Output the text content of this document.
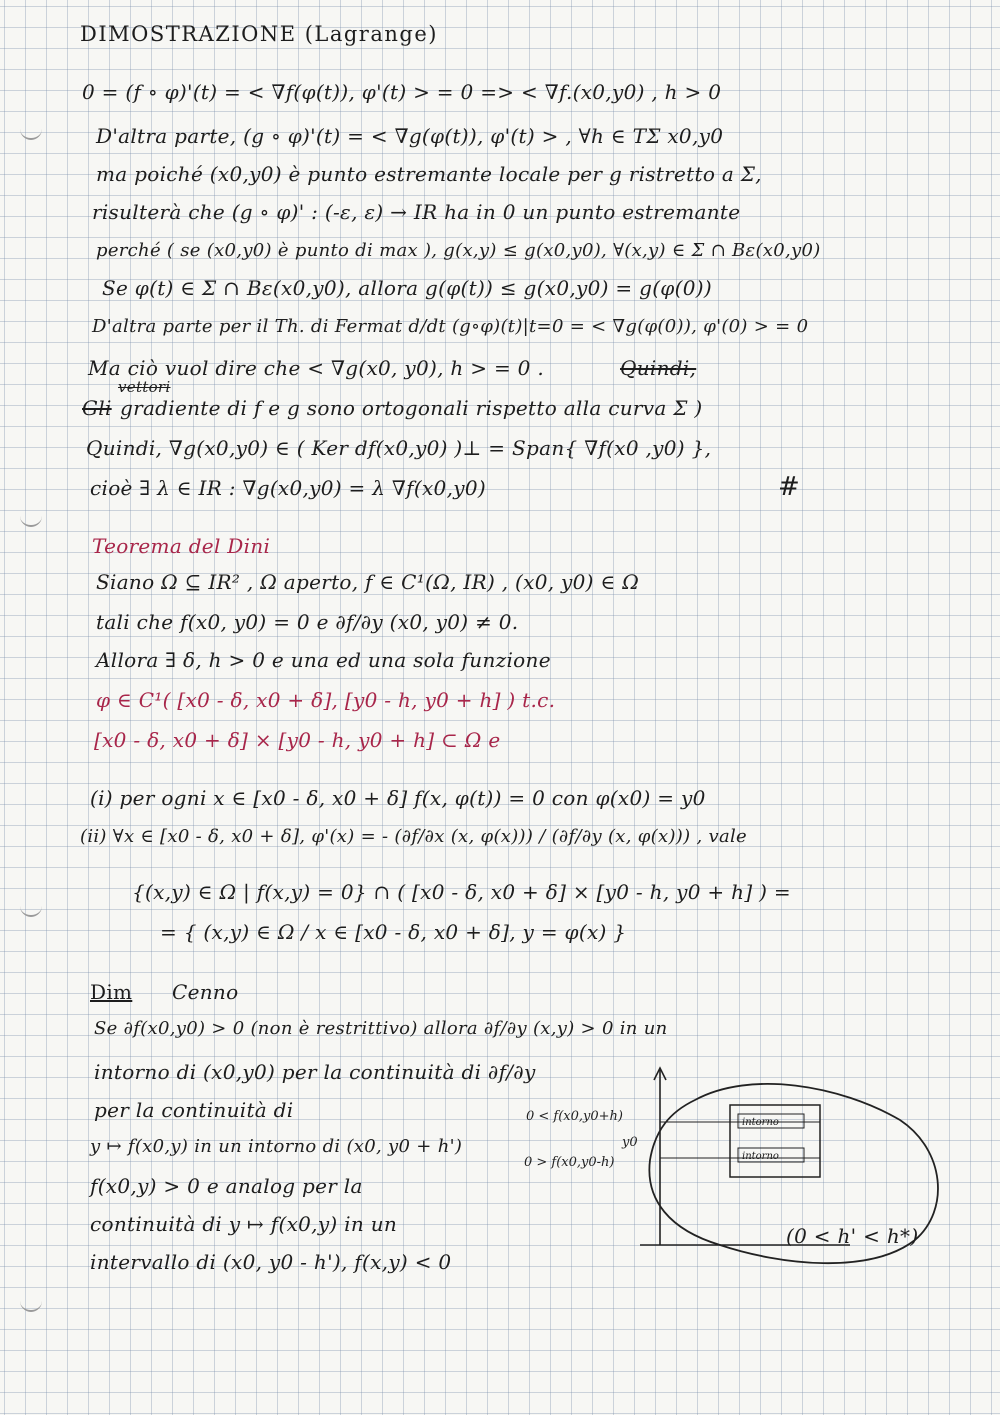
DIMOSTRAZIONE (Lagrange)
0 = (f ∘ φ)'(t) = < ∇f(φ(t)), φ'(t) > = 0 => < ∇f.(x0,y0) , h > 0
D'altra parte, (g ∘ φ)'(t) = < ∇g(φ(t)), φ'(t) > , ∀h ∈ TΣ x0,y0
ma poiché (x0,y0) è punto estremante locale per g ristretto a Σ,
risulterà che (g ∘ φ)' : (-ε, ε) → IR ha in 0 un punto estremante
perché ( se (x0,y0) è punto di max ), g(x,y) ≤ g(x0,y0), ∀(x,y) ∈ Σ ∩ Bε(x0,y0)
Se φ(t) ∈ Σ ∩ Bε(x0,y0), allora g(φ(t)) ≤ g(x0,y0) = g(φ(0))
D'altra parte per il Th. di Fermat d/dt (g∘φ)(t)|t=0 = < ∇g(φ(0)), φ'(0) > = 0
Ma ciò vuol dire che < ∇g(x0, y0), h > = 0 .	Quindi,
vettori
Gli gradiente di f e g sono ortogonali rispetto alla curva Σ )
Quindi, ∇g(x0,y0) ∈ ( Ker df(x0,y0) )⊥ = Span{ ∇f(x0 ,y0) },
cioè ∃ λ ∈ IR : ∇g(x0,y0) = λ ∇f(x0,y0)	#
Teorema del Dini
Siano Ω ⊆ IR² , Ω aperto, f ∈ C¹(Ω, IR) , (x0, y0) ∈ Ω
tali che f(x0, y0) = 0 e ∂f/∂y (x0, y0) ≠ 0.
Allora ∃ δ, h > 0 e una ed una sola funzione
φ ∈ C¹( [x0 - δ, x0 + δ], [y0 - h, y0 + h] ) t.c.
[x0 - δ, x0 + δ] × [y0 - h, y0 + h] ⊂ Ω e
(i) per ogni x ∈ [x0 - δ, x0 + δ] f(x, φ(t)) = 0 con φ(x0) = y0
(ii) ∀x ∈ [x0 - δ, x0 + δ], φ'(x) = - (∂f/∂x (x, φ(x))) / (∂f/∂y (x, φ(x))) , vale
{(x,y) ∈ Ω | f(x,y) = 0} ∩ ( [x0 - δ, x0 + δ] × [y0 - h, y0 + h] ) =
= { (x,y) ∈ Ω / x ∈ [x0 - δ, x0 + δ], y = φ(x) }
Dim Cenno
Se ∂f(x0,y0) > 0 (non è restrittivo) allora ∂f/∂y (x,y) > 0 in un
intorno di (x0,y0) per la continuità di ∂f/∂y
per la continuità di
y ↦ f(x0,y) in un intorno di (x0, y0 + h')
f(x0,y) > 0 e analog per la
continuità di y ↦ f(x0,y) in un
intervallo di (x0, y0 - h'), f(x,y) < 0
intorno
intorno
0 < f(x0,y0+h)
y0
0 > f(x0,y0-h)
(0 < h' < h*)
